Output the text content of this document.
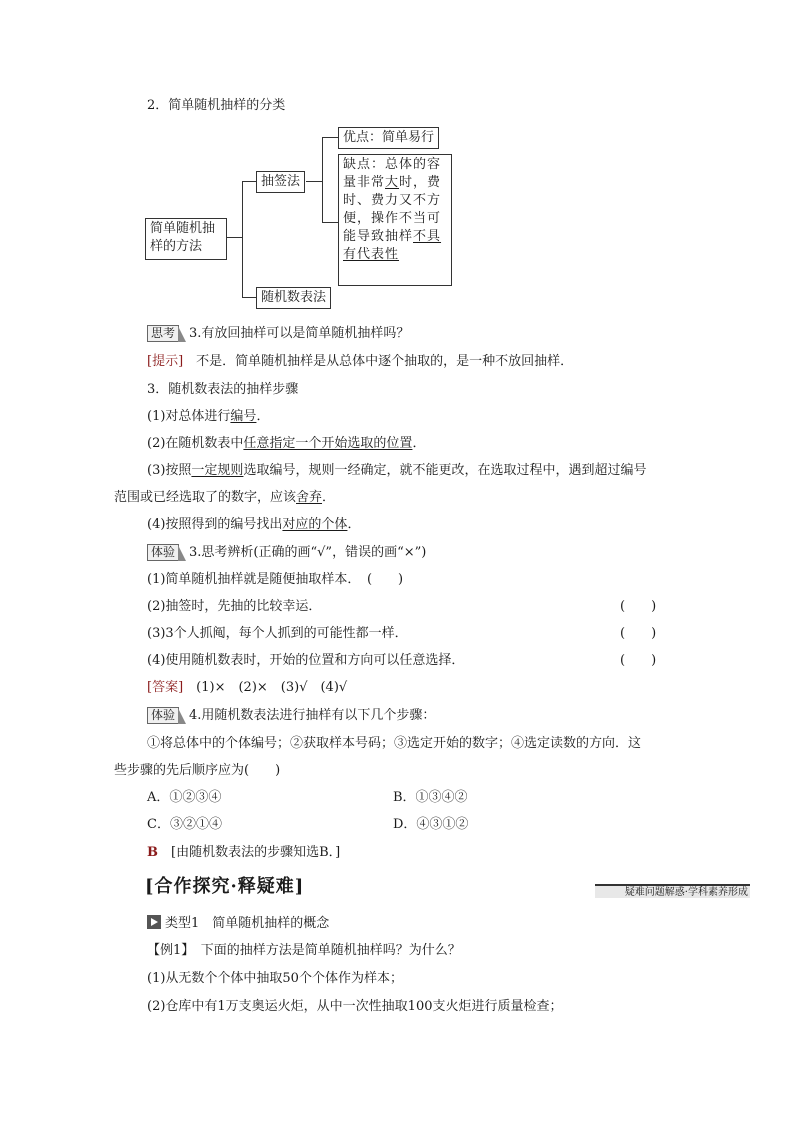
2．简单随机抽样的分类
简单随机抽样的方法
抽签法
随机数表法
优点：简单易行
缺点：总体的容
量非常大时，费
时、费力又不方
便，操作不当可
能导致抽样不具
有代表性
思考 3.有放回抽样可以是简单随机抽样吗？
[提示]　 不是．简单随机抽样是从总体中逐个抽取的，是一种不放回抽样．
3．随机数表法的抽样步骤
(1)对总体进行编号．
(2)在随机数表中任意指定一个开始选取的位置．
(3)按照一定规则选取编号，规则一经确定，就不能更改，在选取过程中，遇到超过编号
范围或已经选取了的数字，应该舍弃．
(4)按照得到的编号找出对应的个体．
体验 3.思考辨析(正确的画“√”，错误的画“×”)
(1)简单随机抽样就是随便抽取样本．　 (　　)
(2)抽签时，先抽的比较幸运．	(　　)
(3)3个人抓阄，每个人抓到的可能性都一样．	(　　)
(4)使用随机数表时，开始的位置和方向可以任意选择．	(　　)
[答案]　 (1)×　(2)×　(3)√　(4)√
体验 4.用随机数表法进行抽样有以下几个步骤：
①将总体中的个体编号；②获取样本号码；③选定开始的数字；④选定读数的方向．这
些步骤的先后顺序应为(　　)
A．①②③④	B．①③④②
C．③②①④	D．④③①②
B　 [由随机数表法的步骤知选B．]
[合作探究·释疑难]	疑难问题解惑·学科素养形成
类型1　简单随机抽样的概念
【例1】　 下面的抽样方法是简单随机抽样吗？为什么？
(1)从无数个个体中抽取50个个体作为样本；
(2)仓库中有1万支奥运火炬，从中一次性抽取100支火炬进行质量检查；
